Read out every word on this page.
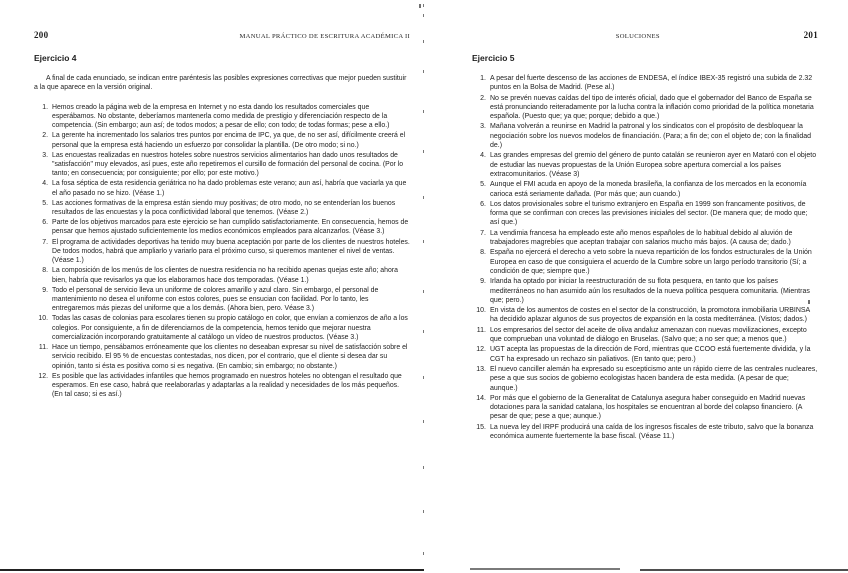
200	MANUAL PRÁCTICO DE ESCRITURA ACADÉMICA II
Ejercicio 4

A final de cada enunciado, se indican entre paréntesis las posibles expresiones correctivas que mejor pueden sustituir a la que aparece en la versión original.

1. Hemos creado la página web de la empresa en Internet y no esta dando los resultados comerciales que esperábamos. No obstante, deberíamos mantenerla como medida de prestigio y diferenciación respecto de la competencia. (Sin embargo; aun así; de todos modos; a pesar de ello; con todo; de todas formas; pese a ello.)
2. La gerente ha incrementado los salarios tres puntos por encima de IPC, ya que, de no ser así, difícilmente creerá el personal que la empresa está haciendo un esfuerzo por consolidar la plantilla. (De otro modo; si no.)
3. Las encuestas realizadas en nuestros hoteles sobre nuestros servicios alimentarios han dado unos resultados de "satisfacción" muy elevados, así pues, este año repetiremos el cursillo de formación del personal de cocina. (Por lo tanto; en consecuencia; por consiguiente; por ello; por este motivo.)
4. La fosa séptica de esta residencia geriátrica no ha dado problemas este verano; aun así, habría que vaciarla ya que el año pasado no se hizo. (Véase 1.)
5. Las acciones formativas de la empresa están siendo muy positivas; de otro modo, no se entenderían los buenos resultados de las encuestas y la poca conflictividad laboral que tenemos. (Véase 2.)
6. Parte de los objetivos marcados para este ejercicio se han cumplido satisfactoriamente. En consecuencia, hemos de pensar que hemos ajustado suficientemente los medios económicos empleados para alcanzarlos. (Véase 3.)
7. El programa de actividades deportivas ha tenido muy buena aceptación por parte de los clientes de nuestros hoteles. De todos modos, habrá que ampliarlo y variarlo para el próximo curso, si queremos mantener el nivel de ventas. (Véase 1.)
8. La composición de los menús de los clientes de nuestra residencia no ha recibido apenas quejas este año; ahora bien, habría que revisarlos ya que los elaborarnos hace dos temporadas. (Véase 1.)
9. Todo el personal de servicio lleva un uniforme de colores amarillo y azul claro. Sin embargo, el personal de mantenimiento no desea el uniforme con estos colores, pues se ensucian con facilidad. Por lo tanto, les entregaremos más piezas del uniforme que a los demás. (Ahora bien, pero. Véase 3.)
10. Todas las casas de colonias para escolares tienen su propio catálogo en color, que envían a comienzos de año a los colegios. Por consiguiente, a fin de diferenciarnos de la competencia, hemos tenido que mejorar nuestra comercialización incorporando gratuitamente al catálogo un vídeo de nuestros productos. (Véase 3.)
11. Hace un tiempo, pensábamos erróneamente que los clientes no deseaban expresar su nivel de satisfacción sobre el servicio recibido. El 95 % de encuestas contestadas, nos dicen, por el contrario, que el cliente si desea dar su opinión, tanto si ésta es positiva como si es negativa. (En cambio; sin embargo; no obstante.)
12. Es posible que las actividades infantiles que hemos programado en nuestros hoteles no obtengan el resultado que esperamos. En ese caso, habrá que reelaborarlas y adaptarlas a la realidad y necesidades de los más pequeños. (En tal caso; si es así.)
SOLUCIONES	201
Ejercicio 5
1. A pesar del fuerte descenso de las acciones de ENDESA, el índice IBEX-35 registró una subida de 2.32 puntos en la Bolsa de Madrid. (Pese al.)
2. No se prevén nuevas caídas del tipo de interés oficial, dado que el gobernador del Banco de España se está pronunciando reiteradamente por la lucha contra la inflación como prioridad de la política monetaria española. (Puesto que; ya que; porque; debido a que.)
3. Mañana volverán a reunirse en Madrid la patronal y los sindicatos con el propósito de desbloquear la negociación sobre los nuevos modelos de financiación. (Para; a fin de; con el objeto de; con la finalidad de.)
4. Las grandes empresas del gremio del género de punto catalán se reunieron ayer en Mataró con el objeto de estudiar las nuevas propuestas de la Unión Europea sobre apertura comercial a los países extracomunitarios. (Véase 3)
5. Aunque el FMI acuda en apoyo de la moneda brasileña, la confianza de los mercados en la economía carioca está seriamente dañada. (Por más que; aun cuando.)
6. Los datos provisionales sobre el turismo extranjero en España en 1999 son francamente positivos, de forma que se confirman con creces las previsiones iniciales del sector. (De manera que; de modo que; así que.)
7. La vendimia francesa ha empleado este año menos españoles de lo habitual debido al aluvión de trabajadores magrebíes que aceptan trabajar con salarios mucho más bajos. (A causa de; dado.)
8. España no ejercerá el derecho a veto sobre la nueva repartición de los fondos estructurales de la Unión Europea en caso de que consiguiera el acuerdo de la Cumbre sobre un largo período transitorio (Sí; a condición de que; siempre que.)
9. Irlanda ha optado por iniciar la reestructuración de su flota pesquera, en tanto que los países mediterráneos no han asumido aún los resultados de la nueva política pesquera comunitaria. (Mientras que; pero.)
10. En vista de los aumentos de costes en el sector de la construcción, la promotora inmobiliaria URBINSA ha decidido aplazar algunos de sus proyectos de expansión en la costa mediterránea. (Vistos; dados.)
11. Los empresarios del sector del aceite de oliva andaluz amenazan con nuevas movilizaciones, excepto que comprueban una voluntad de diálogo en Bruselas. (Salvo que; a no ser que; a menos que.)
12. UGT acepta las propuestas de la dirección de Ford, mientras que CCOO está fuertemente dividida, y la CGT ha expresado un rechazo sin paliativos. (En tanto que; pero.)
13. El nuevo canciller alemán ha expresado su escepticismo ante un rápido cierre de las centrales nucleares, pese a que sus socios de gobierno ecologistas hacen bandera de esta medida. (A pesar de que; aunque.)
14. Por más que el gobierno de la Generalitat de Catalunya asegura haber conseguido en Madrid nuevas dotaciones para la sanidad catalana, los hospitales se encuentran al borde del colapso financiero. (A pesar de que; pese a que; aunque.)
15. La nueva ley del IRPF producirá una caída de los ingresos fiscales de este tributo, salvo que la bonanza económica aumente fuertemente la base fiscal. (Véase 11.)
